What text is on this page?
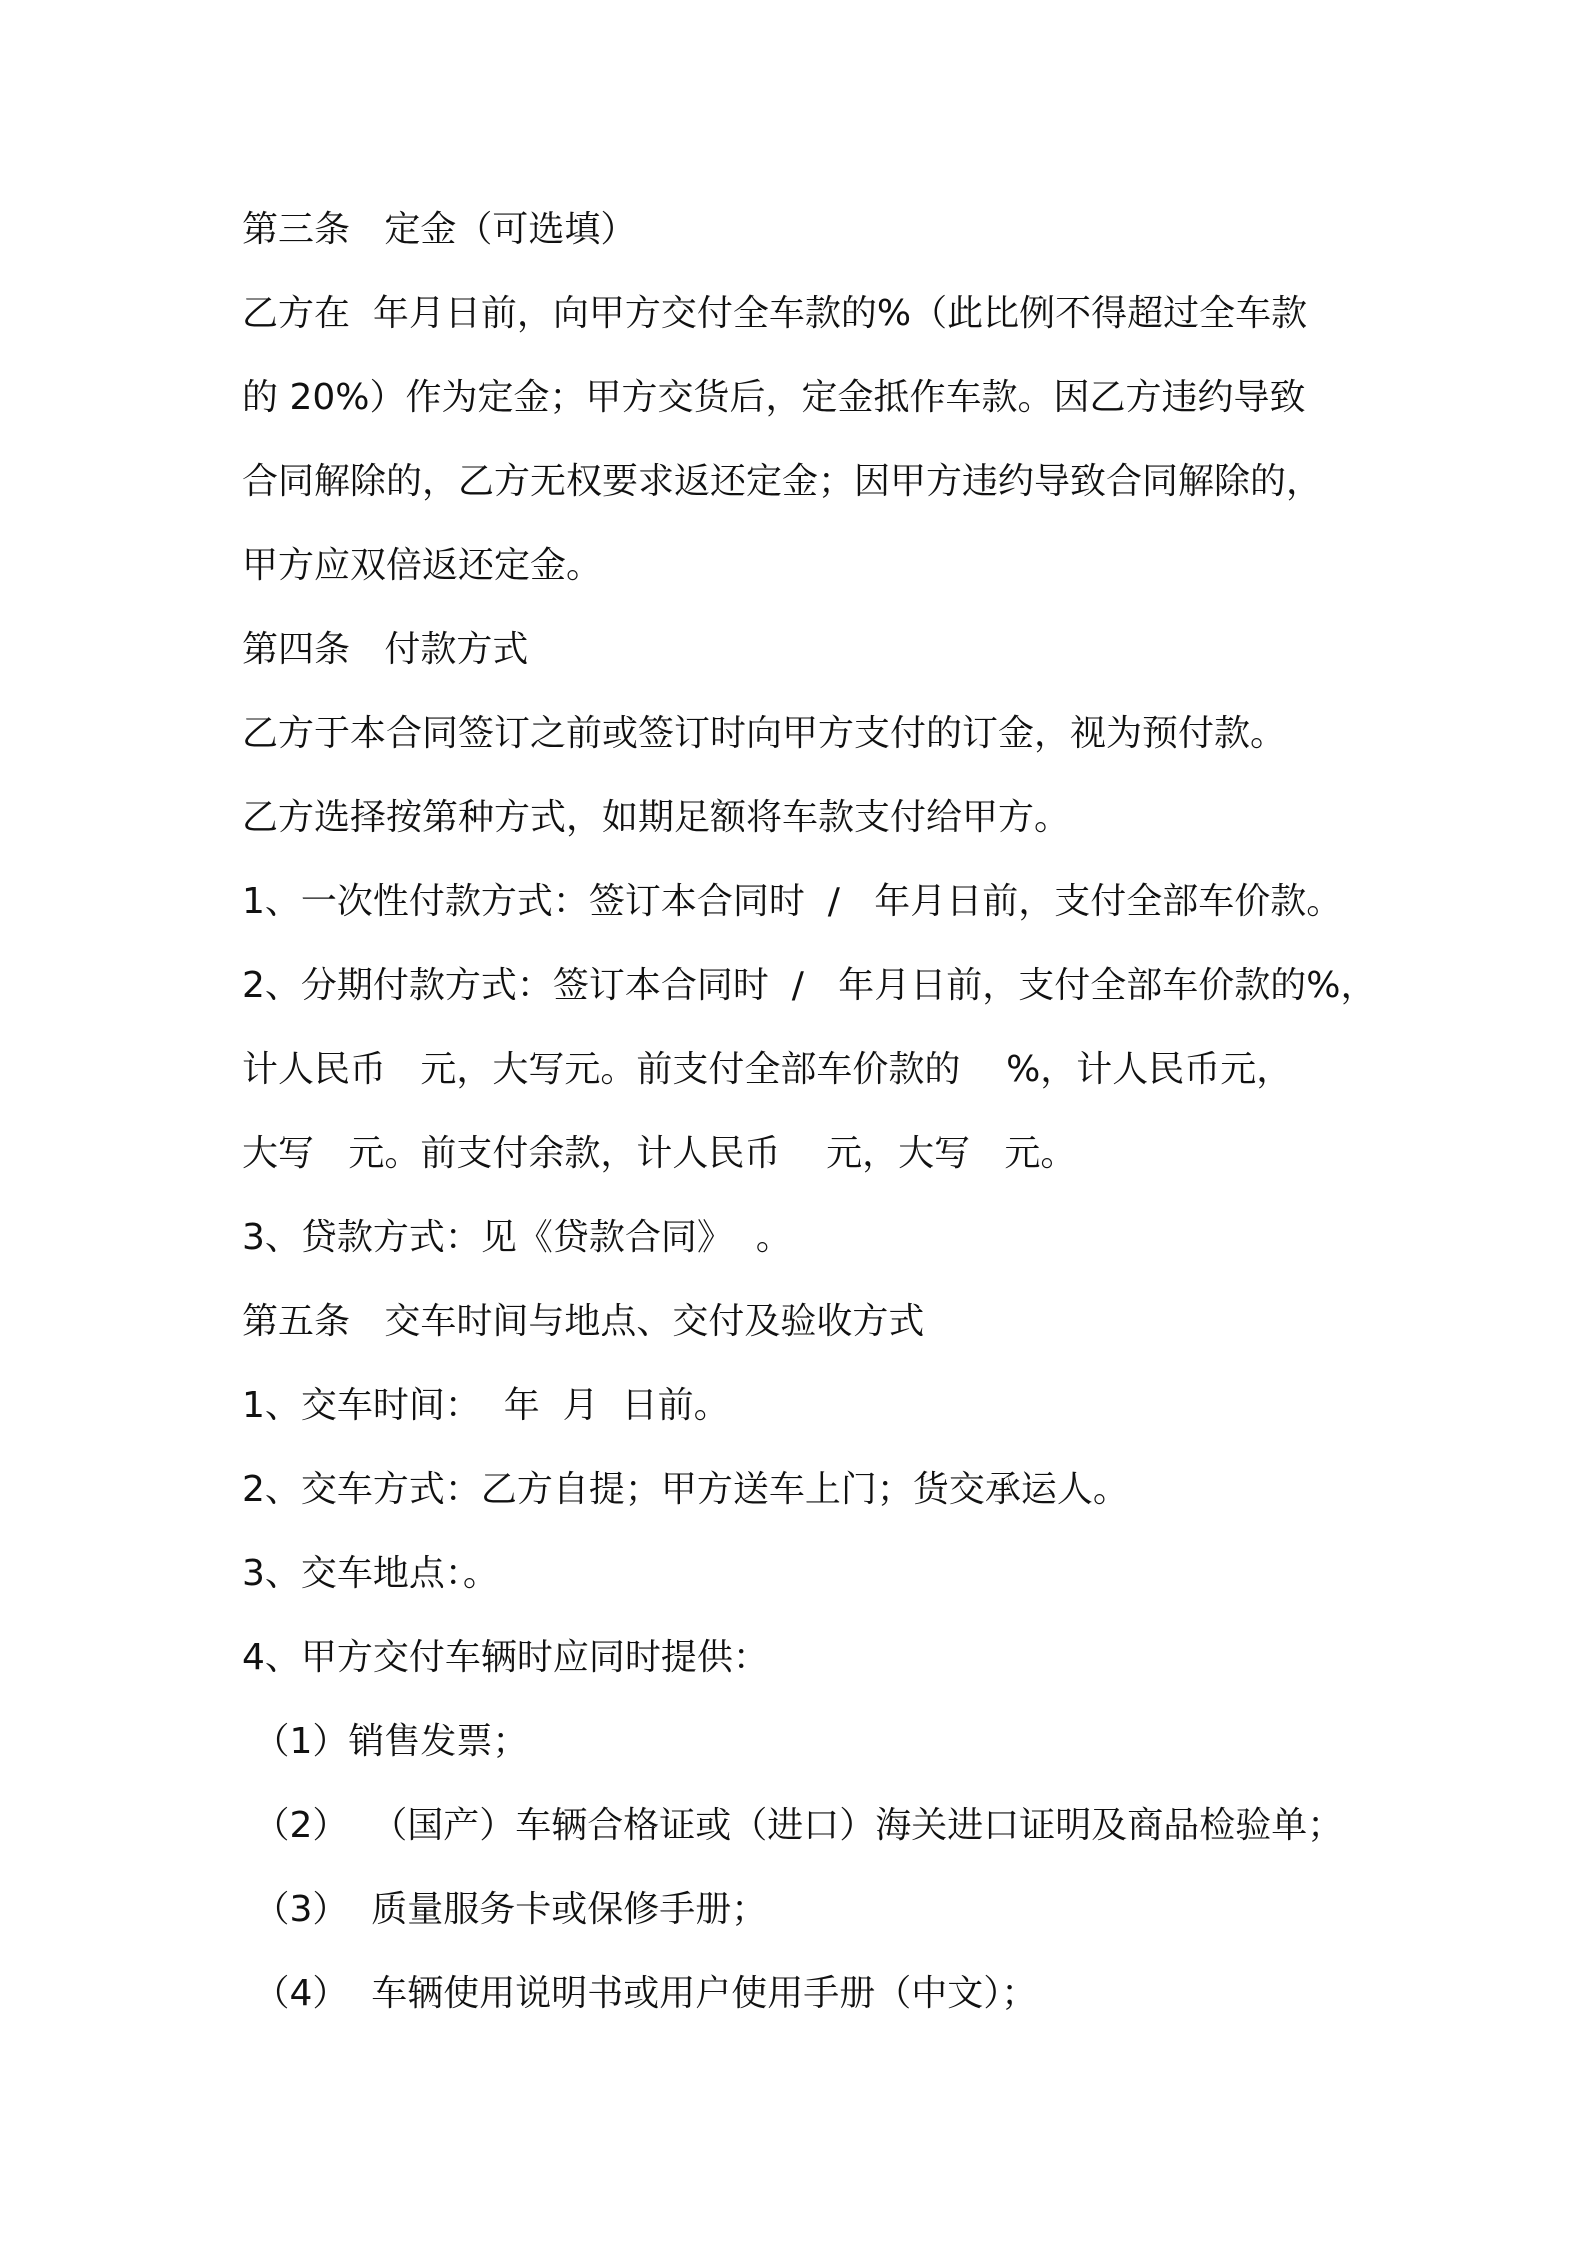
第三条   定金（可选填）
乙方在  年月日前，向甲方交付全车款的%（此比例不得超过全车款
的 20%）作为定金；甲方交货后，定金抵作车款。因乙方违约导致
合同解除的，乙方无权要求返还定金；因甲方违约导致合同解除的，
甲方应双倍返还定金。
第四条   付款方式
乙方于本合同签订之前或签订时向甲方支付的订金，视为预付款。
乙方选择按第种方式，如期足额将车款支付给甲方。
1、一次性付款方式：签订本合同时  /   年月日前，支付全部车价款。
2、分期付款方式：签订本合同时  /   年月日前，支付全部车价款的%，
计人民币   元，大写元。前支付全部车价款的    %，计人民币元，
大写   元。前支付余款，计人民币    元，大写   元。
3、贷款方式：见《贷款合同》  。
第五条   交车时间与地点、交付及验收方式
1、交车时间：  年  月  日前。
2、交车方式：乙方自提；甲方送车上门；货交承运人。
3、交车地点：。
4、甲方交付车辆时应同时提供：
（1）销售发票；
（2）  （国产）车辆合格证或（进口）海关进口证明及商品检验单；
（3）  质量服务卡或保修手册；
（4）  车辆使用说明书或用户使用手册（中文）；
